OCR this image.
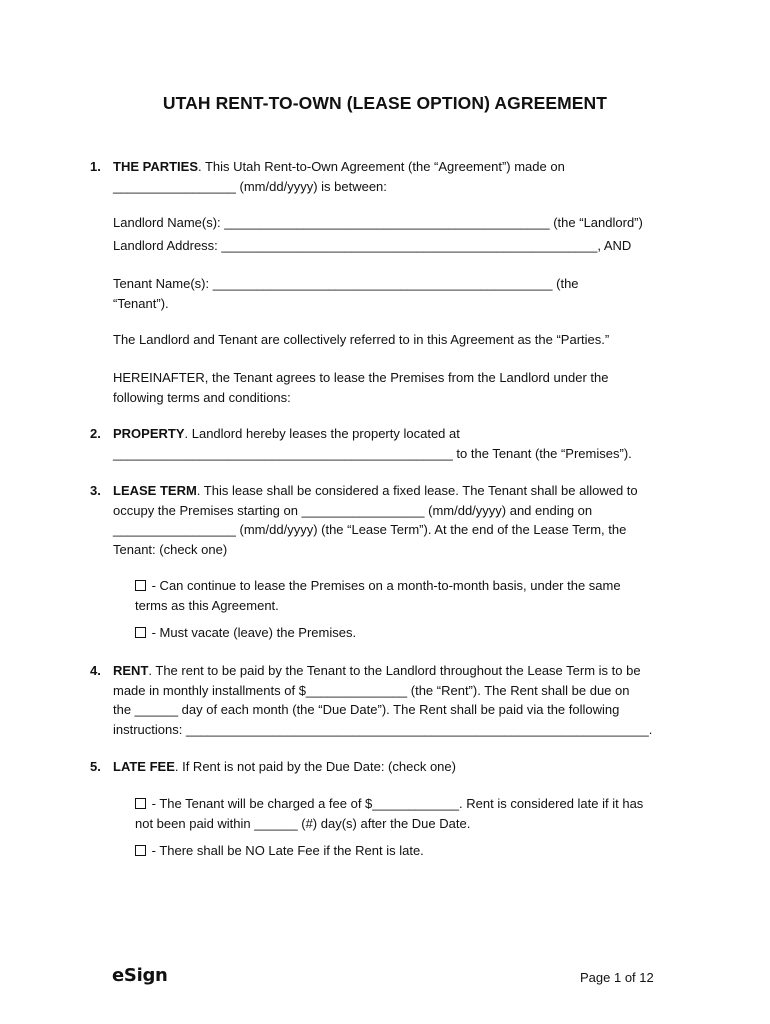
UTAH RENT-TO-OWN (LEASE OPTION) AGREEMENT
1. THE PARTIES. This Utah Rent-to-Own Agreement (the “Agreement”) made on
_________________ (mm/dd/yyyy) is between:
Landlord Name(s): _____________________________________________ (the “Landlord”)
Landlord Address: ____________________________________________________, AND
Tenant Name(s): _______________________________________________ (the
“Tenant”).
The Landlord and Tenant are collectively referred to in this Agreement as the “Parties.”
HEREINAFTER, the Tenant agrees to lease the Premises from the Landlord under the
following terms and conditions:
2. PROPERTY. Landlord hereby leases the property located at
_______________________________________________ to the Tenant (the “Premises”).
3. LEASE TERM. This lease shall be considered a fixed lease. The Tenant shall be allowed to
occupy the Premises starting on _________________ (mm/dd/yyyy) and ending on
_________________ (mm/dd/yyyy) (the “Lease Term”). At the end of the Lease Term, the
Tenant: (check one)
- Can continue to lease the Premises on a month-to-month basis, under the same
terms as this Agreement.
- Must vacate (leave) the Premises.
4. RENT. The rent to be paid by the Tenant to the Landlord throughout the Lease Term is to be
made in monthly installments of $______________ (the “Rent”). The Rent shall be due on
the ______ day of each month (the “Due Date”). The Rent shall be paid via the following
instructions: ________________________________________________________________.
5. LATE FEE. If Rent is not paid by the Due Date: (check one)
- The Tenant will be charged a fee of $____________. Rent is considered late if it has
not been paid within ______ (#) day(s) after the Due Date.
- There shall be NO Late Fee if the Rent is late.
eSign	Page 1 of 12
